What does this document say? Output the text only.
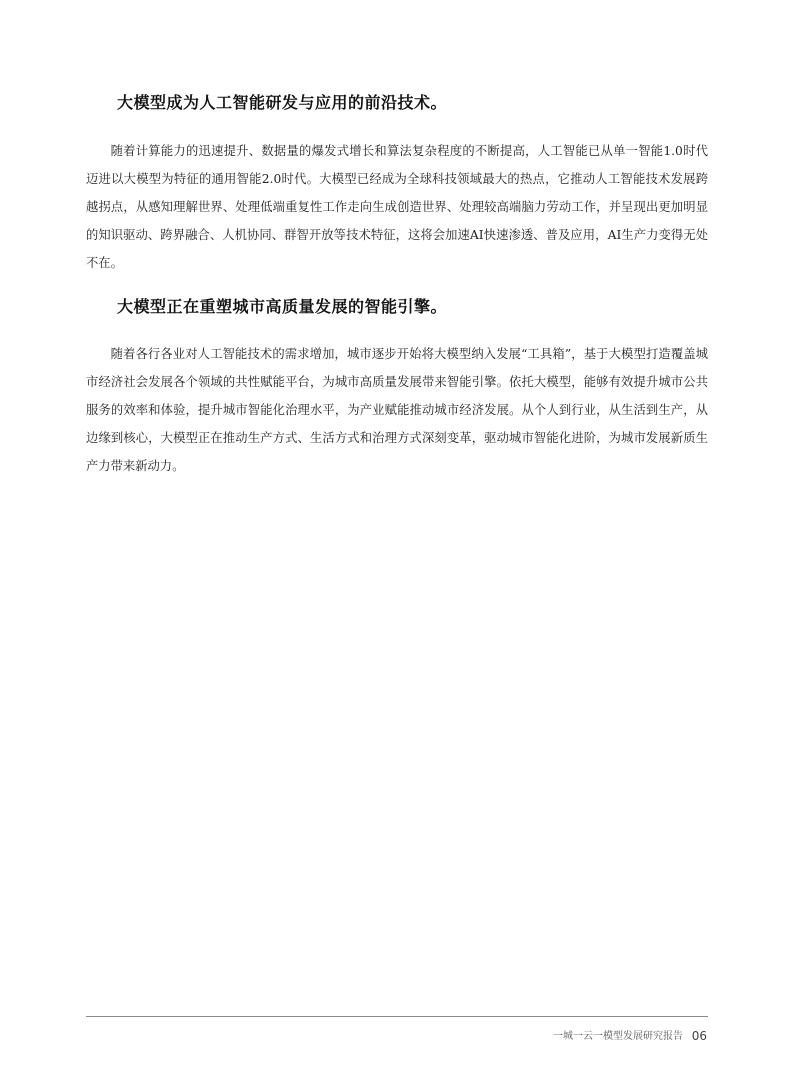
大模型成为人工智能研发与应用的前沿技术。

随着计算能力的迅速提升、数据量的爆发式增长和算法复杂程度的不断提高，人工智能已从单一智能1.0时代迈进以大模型为特征的通用智能2.0时代。大模型已经成为全球科技领域最大的热点，它推动人工智能技术发展跨越拐点，从感知理解世界、处理低端重复性工作走向生成创造世界、处理较高端脑力劳动工作，并呈现出更加明显的知识驱动、跨界融合、人机协同、群智开放等技术特征，这将会加速AI快速渗透、普及应用，AI生产力变得无处不在。

大模型正在重塑城市高质量发展的智能引擎。

随着各行各业对人工智能技术的需求增加，城市逐步开始将大模型纳入发展“工具箱”，基于大模型打造覆盖城市经济社会发展各个领域的共性赋能平台，为城市高质量发展带来智能引擎。依托大模型，能够有效提升城市公共服务的效率和体验，提升城市智能化治理水平，为产业赋能推动城市经济发展。从个人到行业，从生活到生产，从边缘到核心，大模型正在推动生产方式、生活方式和治理方式深刻变革，驱动城市智能化进阶，为城市发展新质生产力带来新动力。

一城一云一模型发展研究报告 06
